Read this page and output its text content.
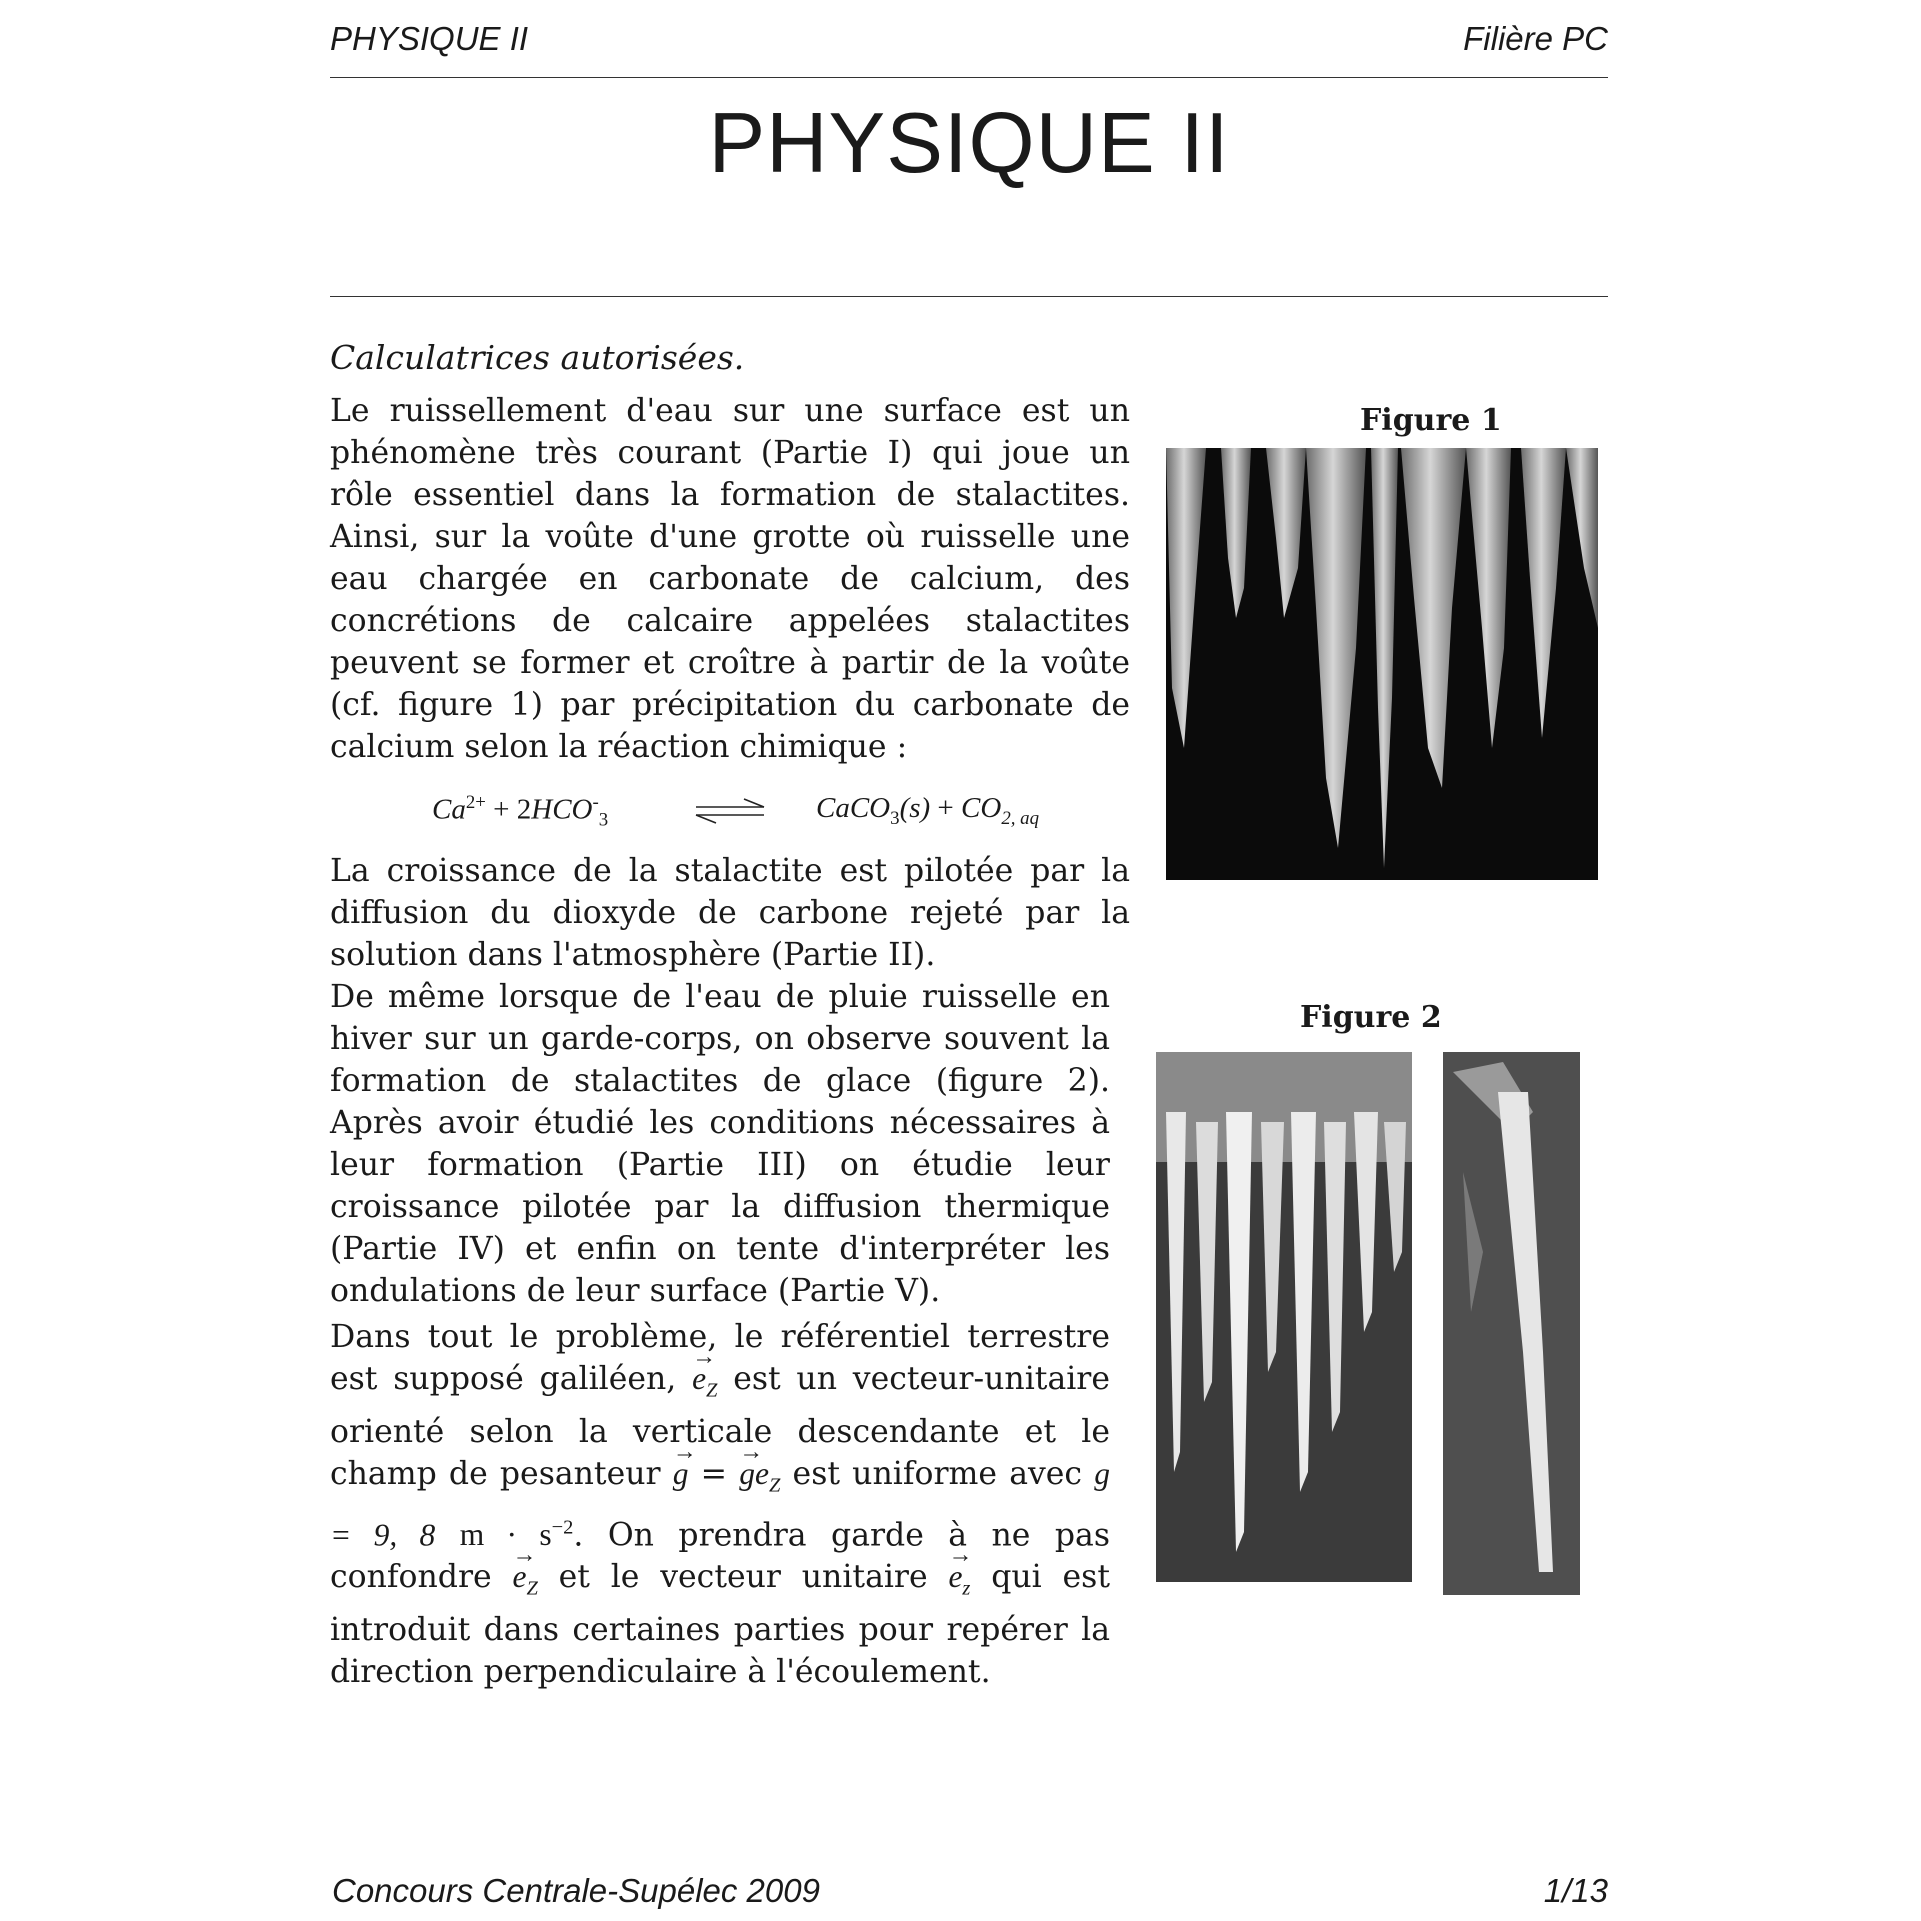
PHYSIQUE II	Filière PC
PHYSIQUE II
Calculatrices autorisées.

Le ruissellement d'eau sur une surface est un phénomène très courant (Partie I) qui joue un rôle essentiel dans la formation de stalactites. Ainsi, sur la voûte d'une grotte où ruisselle une eau chargée en carbonate de calcium, des concrétions de calcaire appelées stalactites peuvent se former et croître à partir de la voûte (cf. figure 1) par précipitation du carbonate de calcium selon la réaction chimique :

$Ca^{2+} + 2HCO^-_3$	CaCO$_3$(s) + $CO_{2, aq}$

La croissance de la stalactite est pilotée par la diffusion du dioxyde de carbone rejeté par la solution dans l'atmosphère (Partie II).

De même lorsque de l'eau de pluie ruisselle en hiver sur un garde-corps, on observe souvent la formation de stalactites de glace (figure 2). Après avoir étudié les conditions nécessaires à leur formation (Partie III) on étudie leur croissance pilotée par la diffusion thermique (Partie IV) et enfin on tente d'interpréter les ondulations de leur surface (Partie V).

Dans tout le problème, le référentiel terrestre est supposé galiléen, → $e_Z$ est un vecteur-unitaire orienté selon la verticale descendante et le champ de pesanteur → g = → $ge_Z$ est uniforme avec g = 9, 8 $m \cdot s^{-2}$. On prendra garde à ne pas confondre → $e_Z$ et le vecteur unitaire → $e_z$ qui est introduit dans certaines parties pour repérer la direction perpendiculaire à l'écoulement.

Figure 1
Figure 2
Concours Centrale-Supélec 2009	1/13
